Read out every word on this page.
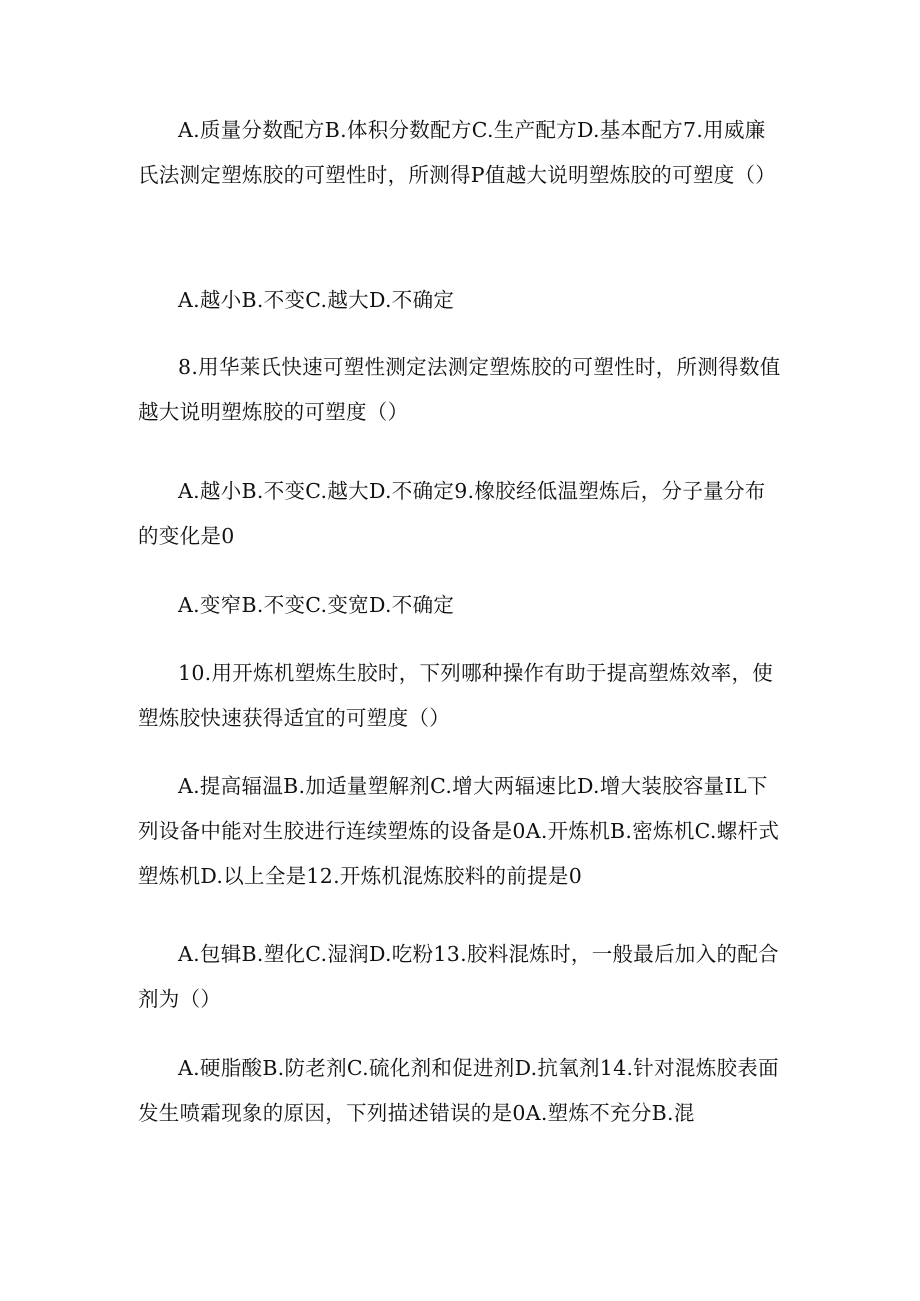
A.质量分数配方B.体积分数配方C.生产配方D.基本配方7.用威廉氏法测定塑炼胶的可塑性时，所测得P值越大说明塑炼胶的可塑度（）

A.越小B.不变C.越大D.不确定

8.用华莱氏快速可塑性测定法测定塑炼胶的可塑性时，所测得数值越大说明塑炼胶的可塑度（）

A.越小B.不变C.越大D.不确定9.橡胶经低温塑炼后，分子量分布的变化是0

A.变窄B.不变C.变宽D.不确定

10.用开炼机塑炼生胶时，下列哪种操作有助于提高塑炼效率，使塑炼胶快速获得适宜的可塑度（）

A.提高辐温B.加适量塑解剂C.增大两辐速比D.增大装胶容量IL下列设备中能对生胶进行连续塑炼的设备是0A.开炼机B.密炼机C.螺杆式塑炼机D.以上全是12.开炼机混炼胶料的前提是0

A.包辑B.塑化C.湿润D.吃粉13.胶料混炼时，一般最后加入的配合剂为（）

A.硬脂酸B.防老剂C.硫化剂和促进剂D.抗氧剂14.针对混炼胶表面发生喷霜现象的原因，下列描述错误的是0A.塑炼不充分B.混
